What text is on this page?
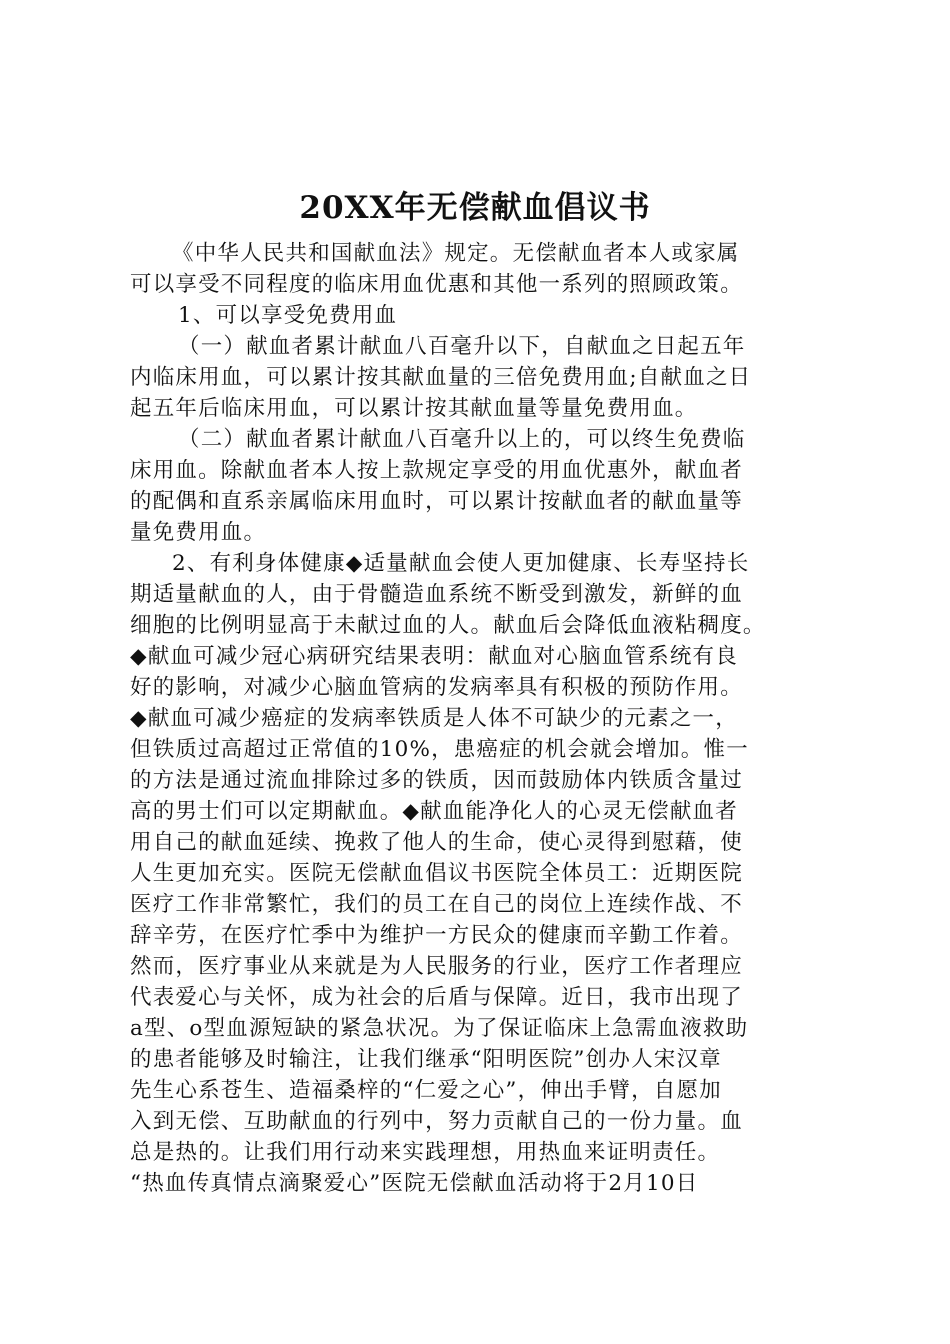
20XX年无偿献血倡议书
《中华人民共和国献血法》规定。无偿献血者本人或家属
可以享受不同程度的临床用血优惠和其他一系列的照顾政策。
1、可以享受免费用血
（一）献血者累计献血八百毫升以下，自献血之日起五年
内临床用血，可以累计按其献血量的三倍免费用血;自献血之日
起五年后临床用血，可以累计按其献血量等量免费用血。
（二）献血者累计献血八百毫升以上的，可以终生免费临
床用血。除献血者本人按上款规定享受的用血优惠外，献血者
的配偶和直系亲属临床用血时，可以累计按献血者的献血量等
量免费用血。
2、有利身体健康◆适量献血会使人更加健康、长寿坚持长
期适量献血的人，由于骨髓造血系统不断受到激发，新鲜的血
细胞的比例明显高于未献过血的人。献血后会降低血液粘稠度。
◆献血可减少冠心病研究结果表明：献血对心脑血管系统有良
好的影响，对减少心脑血管病的发病率具有积极的预防作用。
◆献血可减少癌症的发病率铁质是人体不可缺少的元素之一，
但铁质过高超过正常值的10%，患癌症的机会就会增加。惟一
的方法是通过流血排除过多的铁质，因而鼓励体内铁质含量过
高的男士们可以定期献血。◆献血能净化人的心灵无偿献血者
用自己的献血延续、挽救了他人的生命，使心灵得到慰藉，使
人生更加充实。医院无偿献血倡议书医院全体员工：近期医院
医疗工作非常繁忙，我们的员工在自己的岗位上连续作战、不
辞辛劳，在医疗忙季中为维护一方民众的健康而辛勤工作着。
然而，医疗事业从来就是为人民服务的行业，医疗工作者理应
代表爱心与关怀，成为社会的后盾与保障。近日，我市出现了
a型、o型血源短缺的紧急状况。为了保证临床上急需血液救助
的患者能够及时输注，让我们继承“阳明医院”创办人宋汉章
先生心系苍生、造福桑梓的“仁爱之心”，伸出手臂，自愿加
入到无偿、互助献血的行列中，努力贡献自己的一份力量。血
总是热的。让我们用行动来实践理想，用热血来证明责任。
“热血传真情点滴聚爱心”医院无偿献血活动将于2月10日
